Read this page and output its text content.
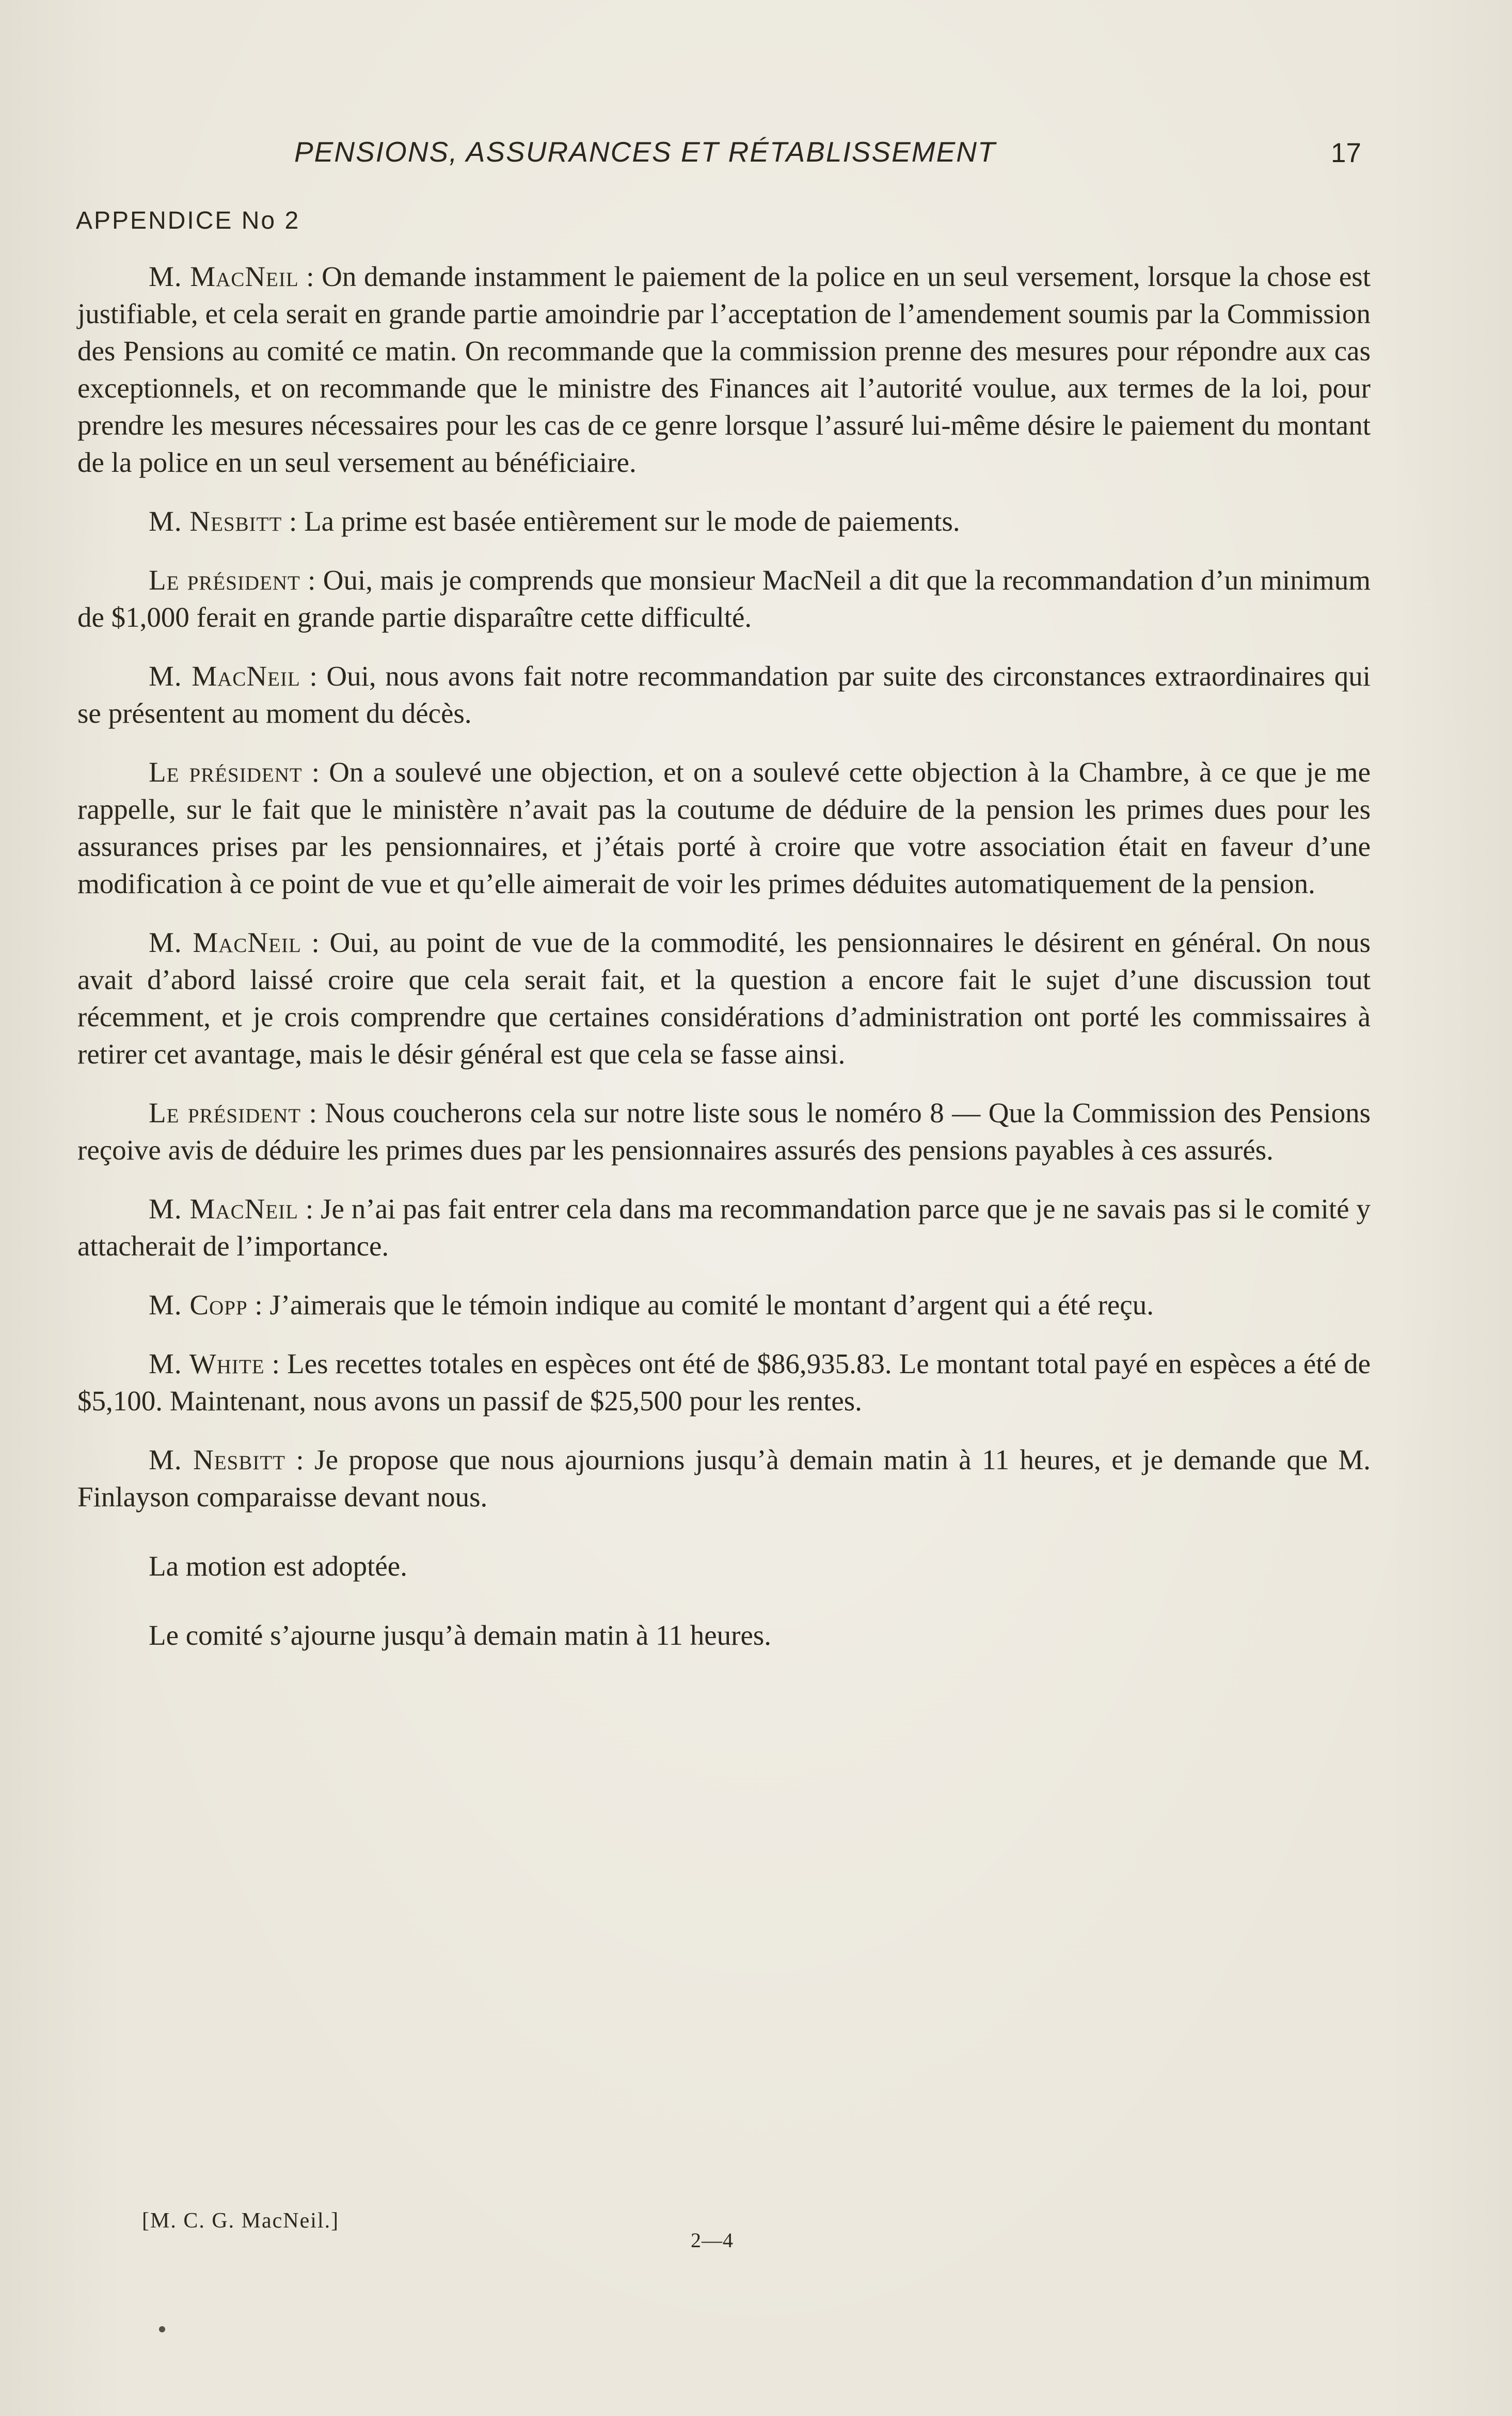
PENSIONS, ASSURANCES ET RÉTABLISSEMENT	17
APPENDICE No 2

M. MacNeil : On demande instamment le paiement de la police en un seul versement, lorsque la chose est justifiable, et cela serait en grande partie amoindrie par l’acceptation de l’amendement soumis par la Commission des Pensions au comité ce matin. On recommande que la commission prenne des mesures pour répondre aux cas exceptionnels, et on recommande que le ministre des Finances ait l’autorité voulue, aux termes de la loi, pour prendre les mesures nécessaires pour les cas de ce genre lorsque l’assuré lui-même désire le paiement du montant de la police en un seul versement au bénéficiaire.

M. Nesbitt : La prime est basée entièrement sur le mode de paiements.

Le président : Oui, mais je comprends que monsieur MacNeil a dit que la recommandation d’un minimum de $1,000 ferait en grande partie disparaître cette difficulté.

M. MacNeil : Oui, nous avons fait notre recommandation par suite des circonstances extraordinaires qui se présentent au moment du décès.

Le président : On a soulevé une objection, et on a soulevé cette objection à la Chambre, à ce que je me rappelle, sur le fait que le ministère n’avait pas la coutume de déduire de la pension les primes dues pour les assurances prises par les pensionnaires, et j’étais porté à croire que votre association était en faveur d’une modification à ce point de vue et qu’elle aimerait de voir les primes déduites automatiquement de la pension.

M. MacNeil : Oui, au point de vue de la commodité, les pensionnaires le désirent en général. On nous avait d’abord laissé croire que cela serait fait, et la question a encore fait le sujet d’une discussion tout récemment, et je crois comprendre que certaines considérations d’administration ont porté les commissaires à retirer cet avantage, mais le désir général est que cela se fasse ainsi.

Le président : Nous coucherons cela sur notre liste sous le noméro 8 — Que la Commission des Pensions reçoive avis de déduire les primes dues par les pensionnaires assurés des pensions payables à ces assurés.

M. MacNeil : Je n’ai pas fait entrer cela dans ma recommandation parce que je ne savais pas si le comité y attacherait de l’importance.

M. Copp : J’aimerais que le témoin indique au comité le montant d’argent qui a été reçu.

M. White : Les recettes totales en espèces ont été de $86,935.83. Le montant total payé en espèces a été de $5,100. Maintenant, nous avons un passif de $25,500 pour les rentes.

M. Nesbitt : Je propose que nous ajournions jusqu’à demain matin à 11 heures, et je demande que M. Finlayson comparaisse devant nous.

La motion est adoptée.

Le comité s’ajourne jusqu’à demain matin à 11 heures.

[M. C. G. MacNeil.]
2—4
